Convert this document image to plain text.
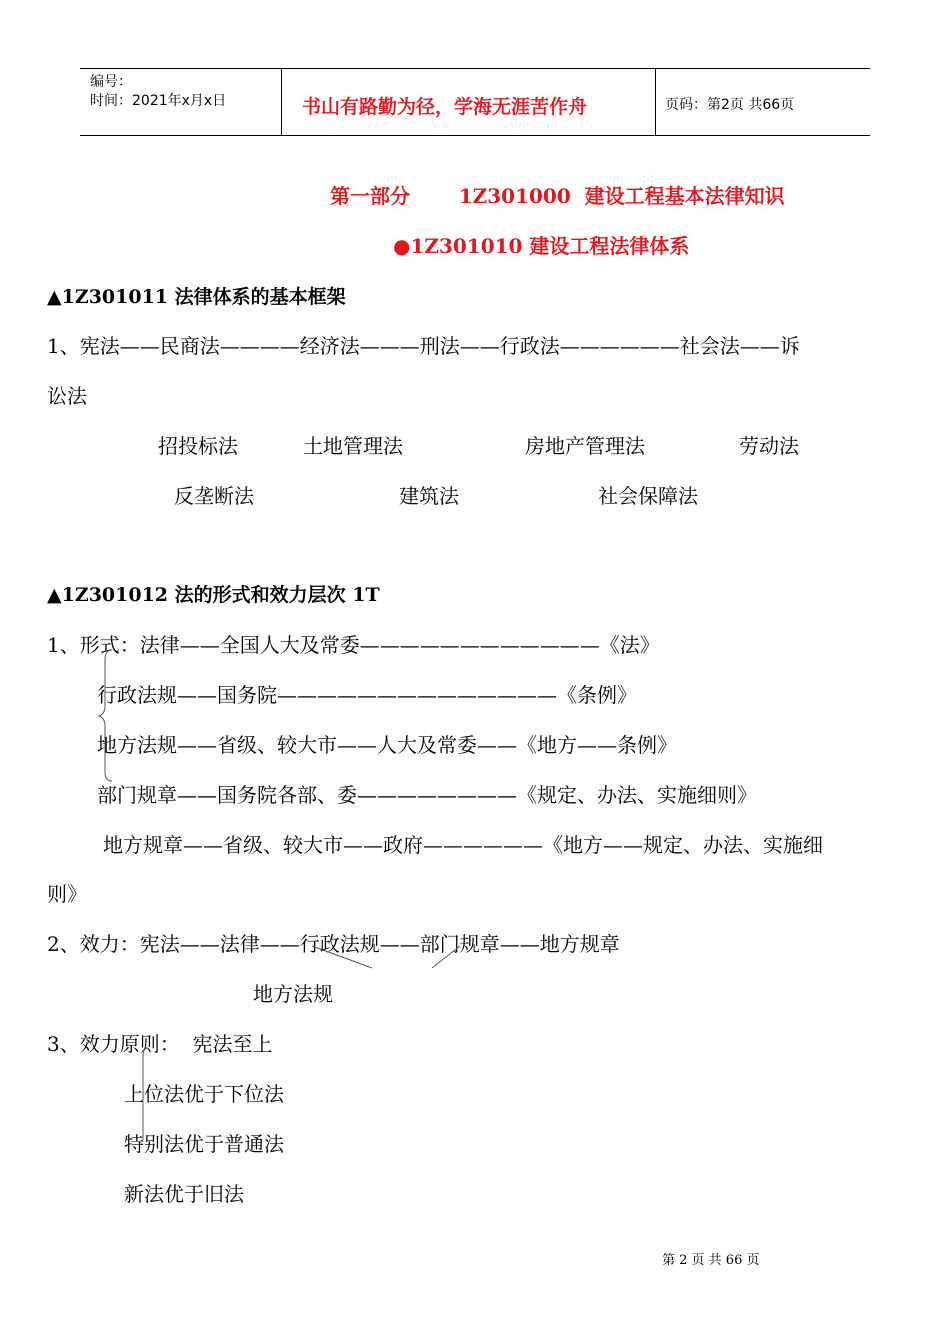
编号：
时间：2021年x月x日	书山有路勤为径，学海无涯苦作舟	页码：第2页 共66页
第一部分       1Z301000  建设工程基本法律知识
●1Z301010 建设工程法律体系
▲1Z301011 法律体系的基本框架
1、宪法——民商法————经济法———刑法——行政法——————社会法——诉
讼法
招投标法	土地管理法	房地产管理法	劳动法
反垄断法	建筑法	社会保障法
▲1Z301012 法的形式和效力层次 1T
1、形式：法律——全国人大及常委————————————《法》
行政法规——国务院——————————————《条例》
地方法规——省级、较大市——人大及常委——《地方——条例》
部门规章——国务院各部、委————————《规定、办法、实施细则》
地方规章——省级、较大市——政府——————《地方——规定、办法、实施细
则》
2、效力：宪法——法律——行政法规——部门规章——地方规章
地方法规
3、效力原则：  宪法至上
上位法优于下位法
特别法优于普通法
新法优于旧法
第 2 页 共 66 页
